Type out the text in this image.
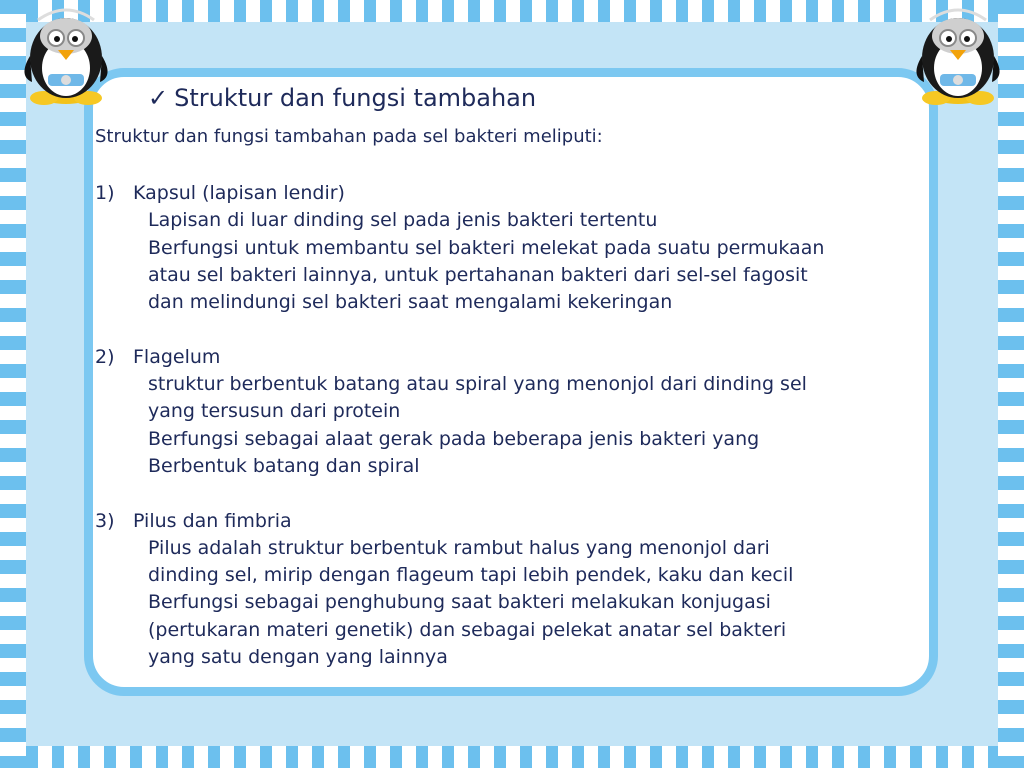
✓ Struktur dan fungsi tambahan
Struktur dan fungsi tambahan pada sel bakteri meliputi:
1) Kapsul (lapisan lendir)
Lapisan di luar dinding sel pada jenis bakteri tertentu
Berfungsi untuk membantu sel bakteri melekat pada suatu permukaan
atau sel bakteri lainnya, untuk pertahanan bakteri dari sel-sel fagosit
dan melindungi sel bakteri saat mengalami kekeringan
2) Flagelum
struktur berbentuk batang atau spiral yang menonjol dari dinding sel
yang tersusun dari protein
Berfungsi sebagai alaat gerak pada beberapa jenis bakteri yang
Berbentuk batang dan spiral
3) Pilus dan fimbria
Pilus adalah struktur berbentuk rambut halus yang menonjol dari
dinding sel, mirip dengan flageum tapi lebih pendek, kaku dan kecil
Berfungsi sebagai penghubung saat bakteri melakukan konjugasi
(pertukaran materi genetik) dan sebagai pelekat anatar sel bakteri
yang satu dengan yang lainnya
